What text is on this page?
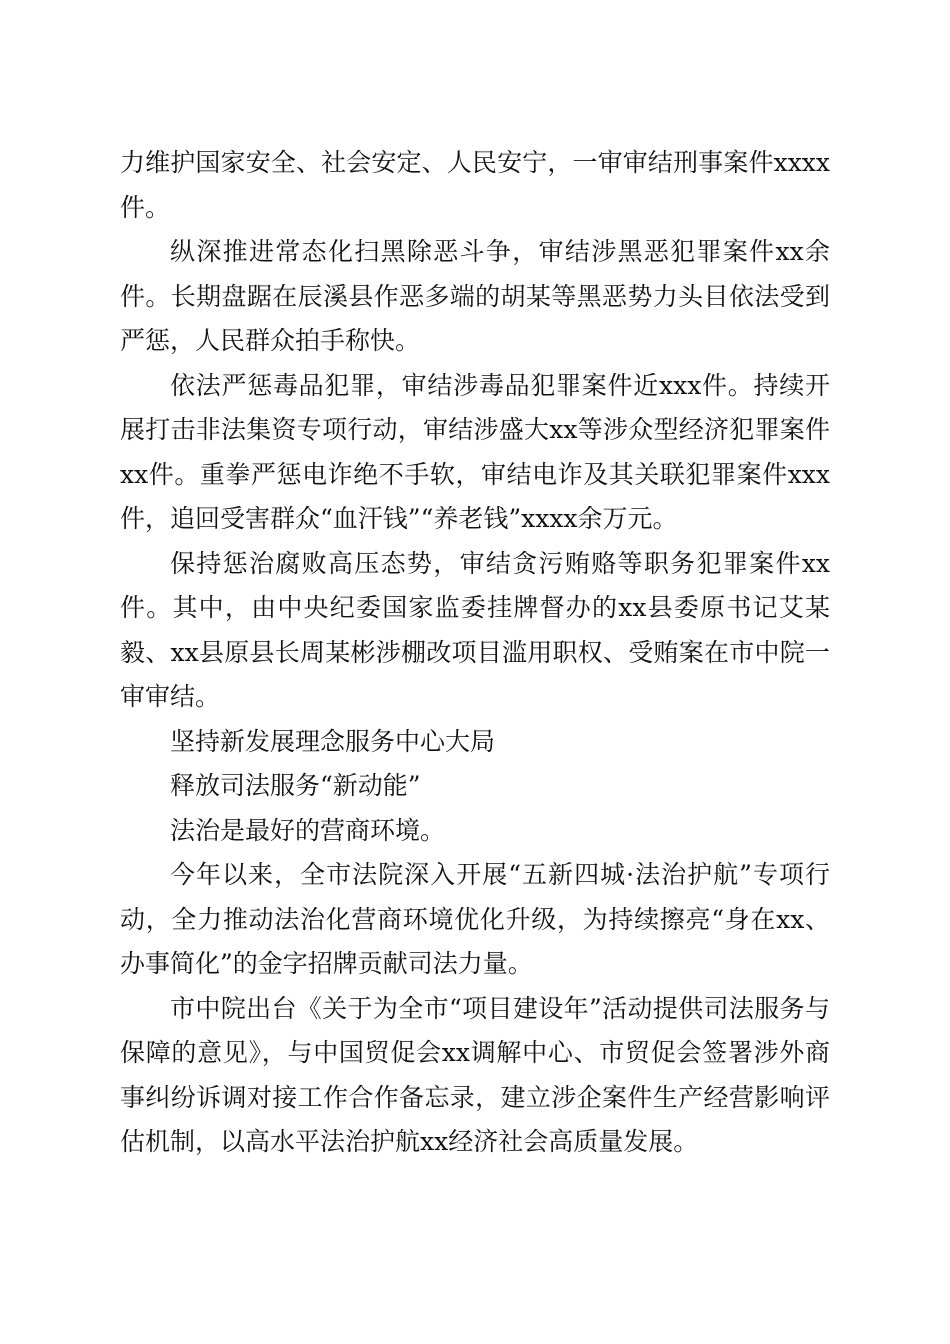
力维护国家安全、社会安定、人民安宁，一审审结刑事案件xxxx件。

纵深推进常态化扫黑除恶斗争，审结涉黑恶犯罪案件xx余件。长期盘踞在辰溪县作恶多端的胡某等黑恶势力头目依法受到严惩，人民群众拍手称快。

依法严惩毒品犯罪，审结涉毒品犯罪案件近xxx件。持续开展打击非法集资专项行动，审结涉盛大xx等涉众型经济犯罪案件xx件。重拳严惩电诈绝不手软，审结电诈及其关联犯罪案件xxx件，追回受害群众“血汗钱”“养老钱”xxxx余万元。

保持惩治腐败高压态势，审结贪污贿赂等职务犯罪案件xx件。其中，由中央纪委国家监委挂牌督办的xx县委原书记艾某毅、xx县原县长周某彬涉棚改项目滥用职权、受贿案在市中院一审审结。

坚持新发展理念服务中心大局

释放司法服务“新动能”

法治是最好的营商环境。

今年以来，全市法院深入开展“五新四城·法治护航”专项行动，全力推动法治化营商环境优化升级，为持续擦亮“身在xx、办事简化”的金字招牌贡献司法力量。

市中院出台《关于为全市“项目建设年”活动提供司法服务与保障的意见》，与中国贸促会xx调解中心、市贸促会签署涉外商事纠纷诉调对接工作合作备忘录，建立涉企案件生产经营影响评估机制，以高水平法治护航xx经济社会高质量发展。
